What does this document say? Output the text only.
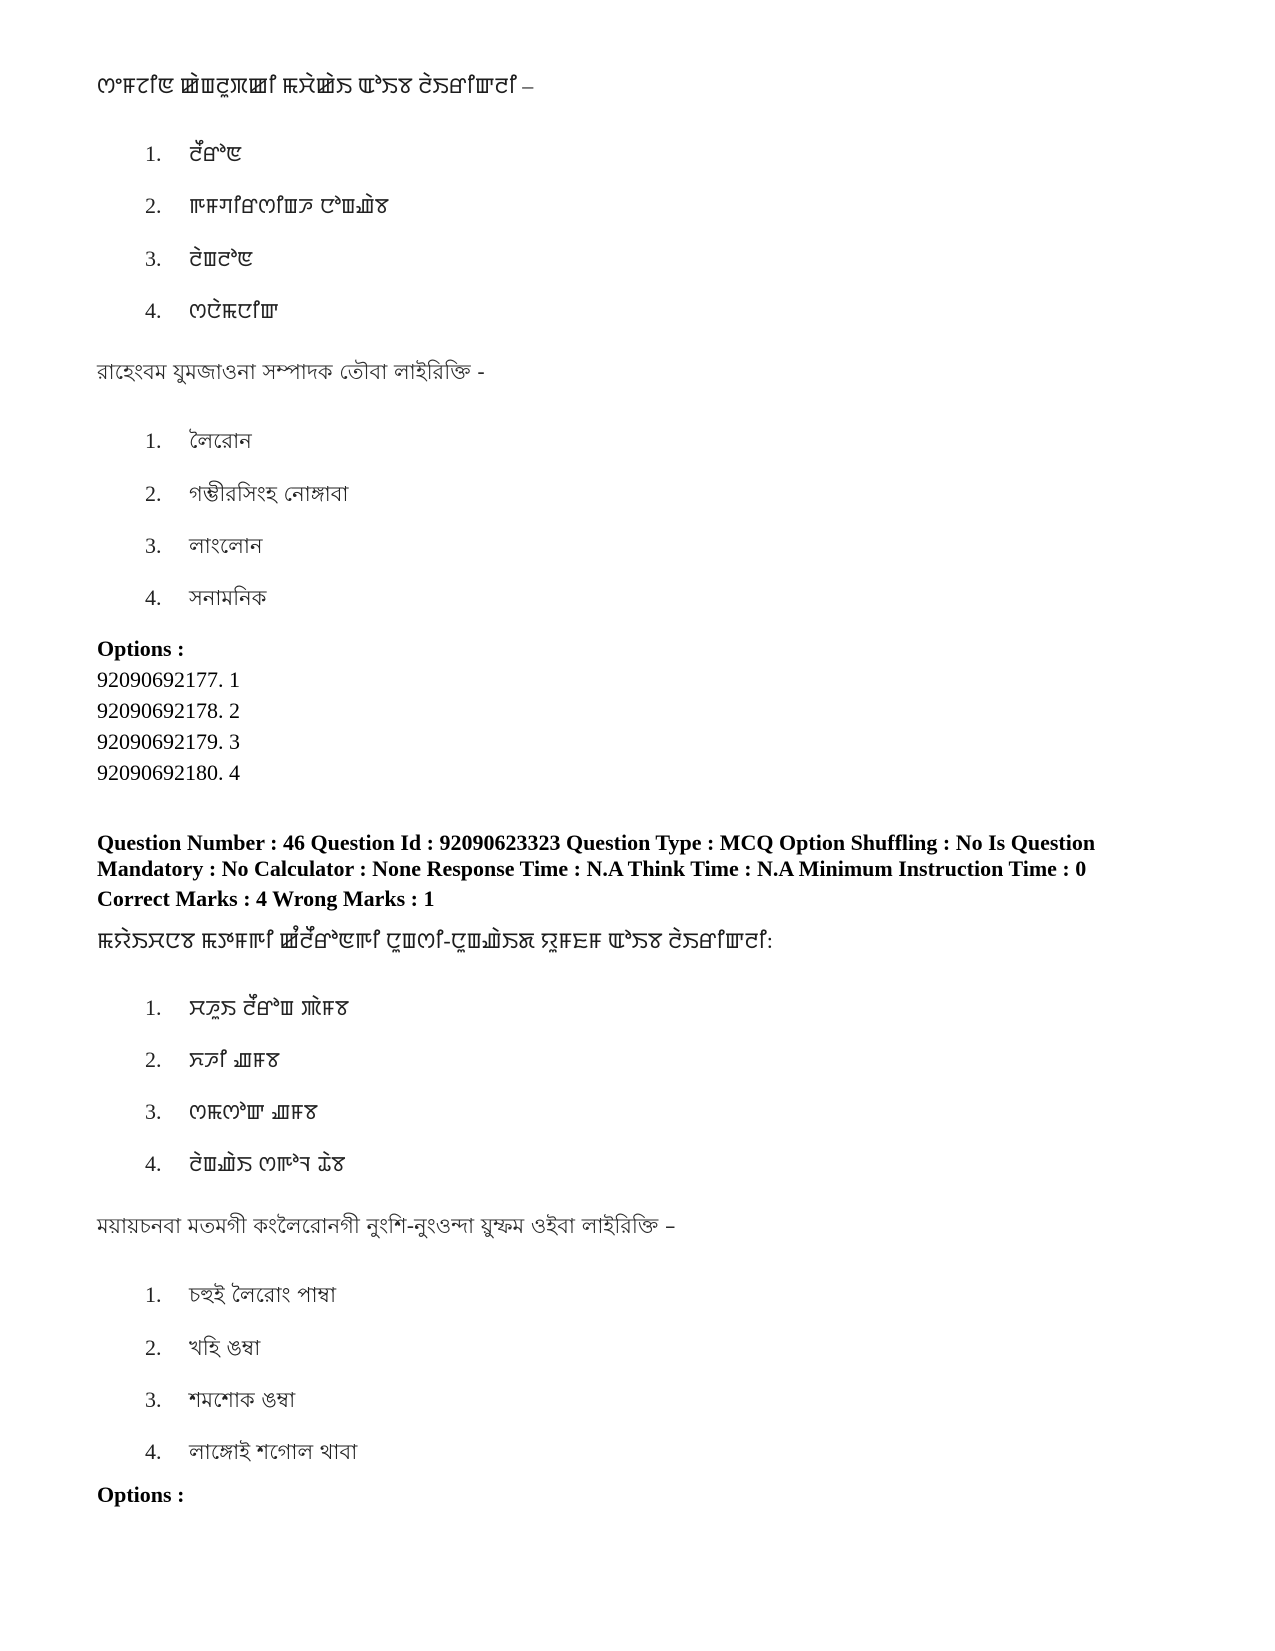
ꯁꯦꯝꯖꯤꯟ ꯀꯥꯡꯂꯨꯞꯀꯤ ꯃꯆꯥꯀꯥꯏ ꯑꯣꯏꯕ ꯂꯥꯏꯔꯤꯛꯂꯤ –
1. ꯂꯩꯔꯣꯟ
2. ꯒꯝꯚꯤꯔꯁꯤꯡꯍ ꯅꯣꯡꯉꯥꯕ
3. ꯂꯥꯡꯂꯣꯟ
4. ꯁꯅꯥꯃꯅꯤꯛ
রাহেংবম যুমজাওনা সম্পাদক তৌবা লাইরিক্তি -
1. লৈরোন
2. গম্ভীরসিংহ নোঙ্গাবা
3. লাংলোন
4. সনামনিক
Options :
92090692177. 1
92090692178. 2
92090692179. 3
92090692180. 4
Question Number : 46 Question Id : 92090623323 Question Type : MCQ Option Shuffling : No Is Question
Mandatory : No Calculator : None Response Time : N.A Think Time : N.A Minimum Instruction Time : 0
Correct Marks : 4 Wrong Marks : 1
ꯃꯌꯥꯏꯆꯅꯕ ꯃꯇꯝꯒꯤ ꯀꯪꯂꯩꯔꯣꯟꯒꯤ ꯅꯨꯡꯁꯤ-ꯅꯨꯡꯉꯥꯏꯗ ꯌꯨꯝꯐꯝ ꯑꯣꯏꯕ ꯂꯥꯏꯔꯤꯛꯂꯤ:
1. ꯆꯍꯨꯏ ꯂꯩꯔꯣꯡ ꯄꯥꯝꯕ
2. ꯈꯍꯤ ꯉꯝꯕ
3. ꯁꯃꯁꯣꯛ ꯉꯝꯕ
4. ꯂꯥꯡꯉꯥꯏ ꯁꯒꯣꯜ ꯊꯥꯕ
ময়ায়চনবা মতমগী কংলৈরোনগী নুংশি-নুংওন্দা য়ুম্ফম ওইবা লাইরিক্তি –
1. চহুই লৈরোং পাম্বা
2. খহি ঙম্বা
3. শমশোক ঙম্বা
4. লাঙ্গোই শগোল থাবা
Options :
